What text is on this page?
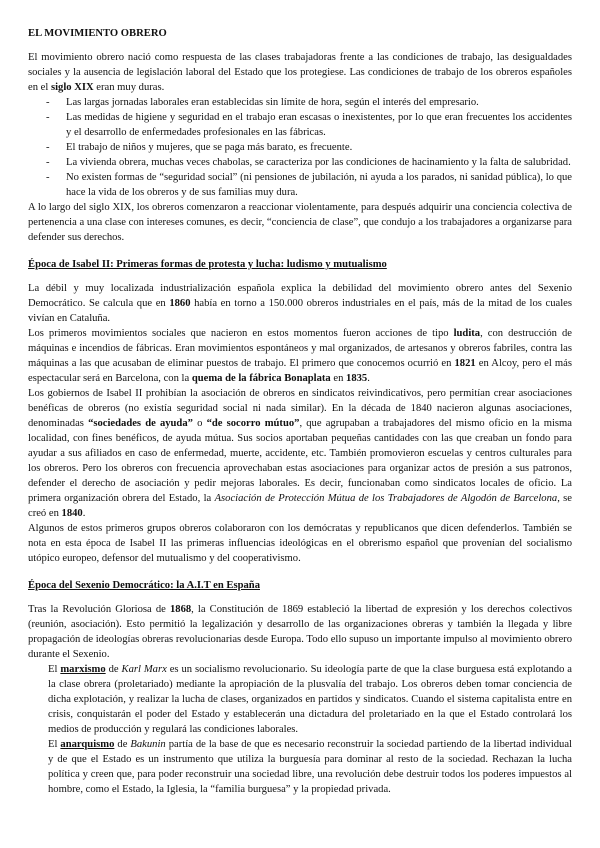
EL MOVIMIENTO OBRERO

El movimiento obrero nació como respuesta de las clases trabajadoras frente a las condiciones de trabajo, las desigualdades sociales y la ausencia de legislación laboral del Estado que los protegiese. Las condiciones de trabajo de los obreros españoles en el siglo XIX eran muy duras.

- Las largas jornadas laborales eran establecidas sin límite de hora, según el interés del empresario.
- Las medidas de higiene y seguridad en el trabajo eran escasas o inexistentes, por lo que eran frecuentes los accidentes y el desarrollo de enfermedades profesionales en las fábricas.
- El trabajo de niños y mujeres, que se paga más barato, es frecuente.
- La vivienda obrera, muchas veces chabolas, se caracteriza por las condiciones de hacinamiento y la falta de salubridad.
- No existen formas de “seguridad social” (ni pensiones de jubilación, ni ayuda a los parados, ni sanidad pública), lo que hace la vida de los obreros y de sus familias muy dura.

A lo largo del siglo XIX, los obreros comenzaron a reaccionar violentamente, para después adquirir una conciencia colectiva de pertenencia a una clase con intereses comunes, es decir, “conciencia de clase”, que condujo a los trabajadores a organizarse para defender sus derechos.

Época de Isabel II: Primeras formas de protesta y lucha: ludismo y mutualismo

La débil y muy localizada industrialización española explica la debilidad del movimiento obrero antes del Sexenio Democrático. Se calcula que en 1860 había en torno a 150.000 obreros industriales en el país, más de la mitad de los cuales vivían en Cataluña.

Los primeros movimientos sociales que nacieron en estos momentos fueron acciones de tipo ludita, con destrucción de máquinas e incendios de fábricas. Eran movimientos espontáneos y mal organizados, de artesanos y obreros fabriles, contra las máquinas a las que acusaban de eliminar puestos de trabajo. El primero que conocemos ocurrió en 1821 en Alcoy, pero el más espectacular será en Barcelona, con la quema de la fábrica Bonaplata en 1835.

Los gobiernos de Isabel II prohibían la asociación de obreros en sindicatos reivindicativos, pero permitían crear asociaciones benéficas de obreros (no existía seguridad social ni nada similar). En la década de 1840 nacieron algunas asociaciones, denominadas “sociedades de ayuda” o “de socorro mútuo”, que agrupaban a trabajadores del mismo oficio en la misma localidad, con fines benéficos, de ayuda mútua. Sus socios aportaban pequeñas cantidades con las que creaban un fondo para ayudar a sus afiliados en caso de enfermedad, muerte, accidente, etc. También promovieron escuelas y centros culturales para los obreros. Pero los obreros con frecuencia aprovechaban estas asociaciones para organizar actos de presión a sus patronos, defender el derecho de asociación y pedir mejoras laborales. Es decir, funcionaban como sindicatos locales de oficio. La primera organización obrera del Estado, la Asociación de Protección Mútua de los Trabajadores de Algodón de Barcelona, se creó en 1840.

Algunos de estos primeros grupos obreros colaboraron con los demócratas y republicanos que dicen defenderlos. También se nota en esta época de Isabel II las primeras influencias ideológicas en el obrerismo español que provenían del socialismo utópico europeo, defensor del mutualismo y del cooperativismo.

Época del Sexenio Democrático: la A.I.T en España

Tras la Revolución Gloriosa de 1868, la Constitución de 1869 estableció la libertad de expresión y los derechos colectivos (reunión, asociación). Esto permitió la legalización y desarrollo de las organizaciones obreras y también la llegada y libre propagación de ideologías obreras revolucionarias desde Europa. Todo ello supuso un importante impulso al movimiento obrero durante el Sexenio.

El marxismo de Karl Marx es un socialismo revolucionario. Su ideología parte de que la clase burguesa está explotando a la clase obrera (proletariado) mediante la apropiación de la plusvalía del trabajo. Los obreros deben tomar conciencia de dicha explotación, y realizar la lucha de clases, organizados en partidos y sindicatos. Cuando el sistema capitalista entre en crisis, conquistarán el poder del Estado y establecerán una dictadura del proletariado en la que el Estado controlará los medios de producción y regulará las condiciones laborales.

El anarquismo de Bakunin partía de la base de que es necesario reconstruir la sociedad partiendo de la libertad individual y de que el Estado es un instrumento que utiliza la burguesía para dominar al resto de la sociedad. Rechazan la lucha política y creen que, para poder reconstruir una sociedad libre, una revolución debe destruir todos los poderes impuestos al hombre, como el Estado, la Iglesia, la “familia burguesa” y la propiedad privada.
